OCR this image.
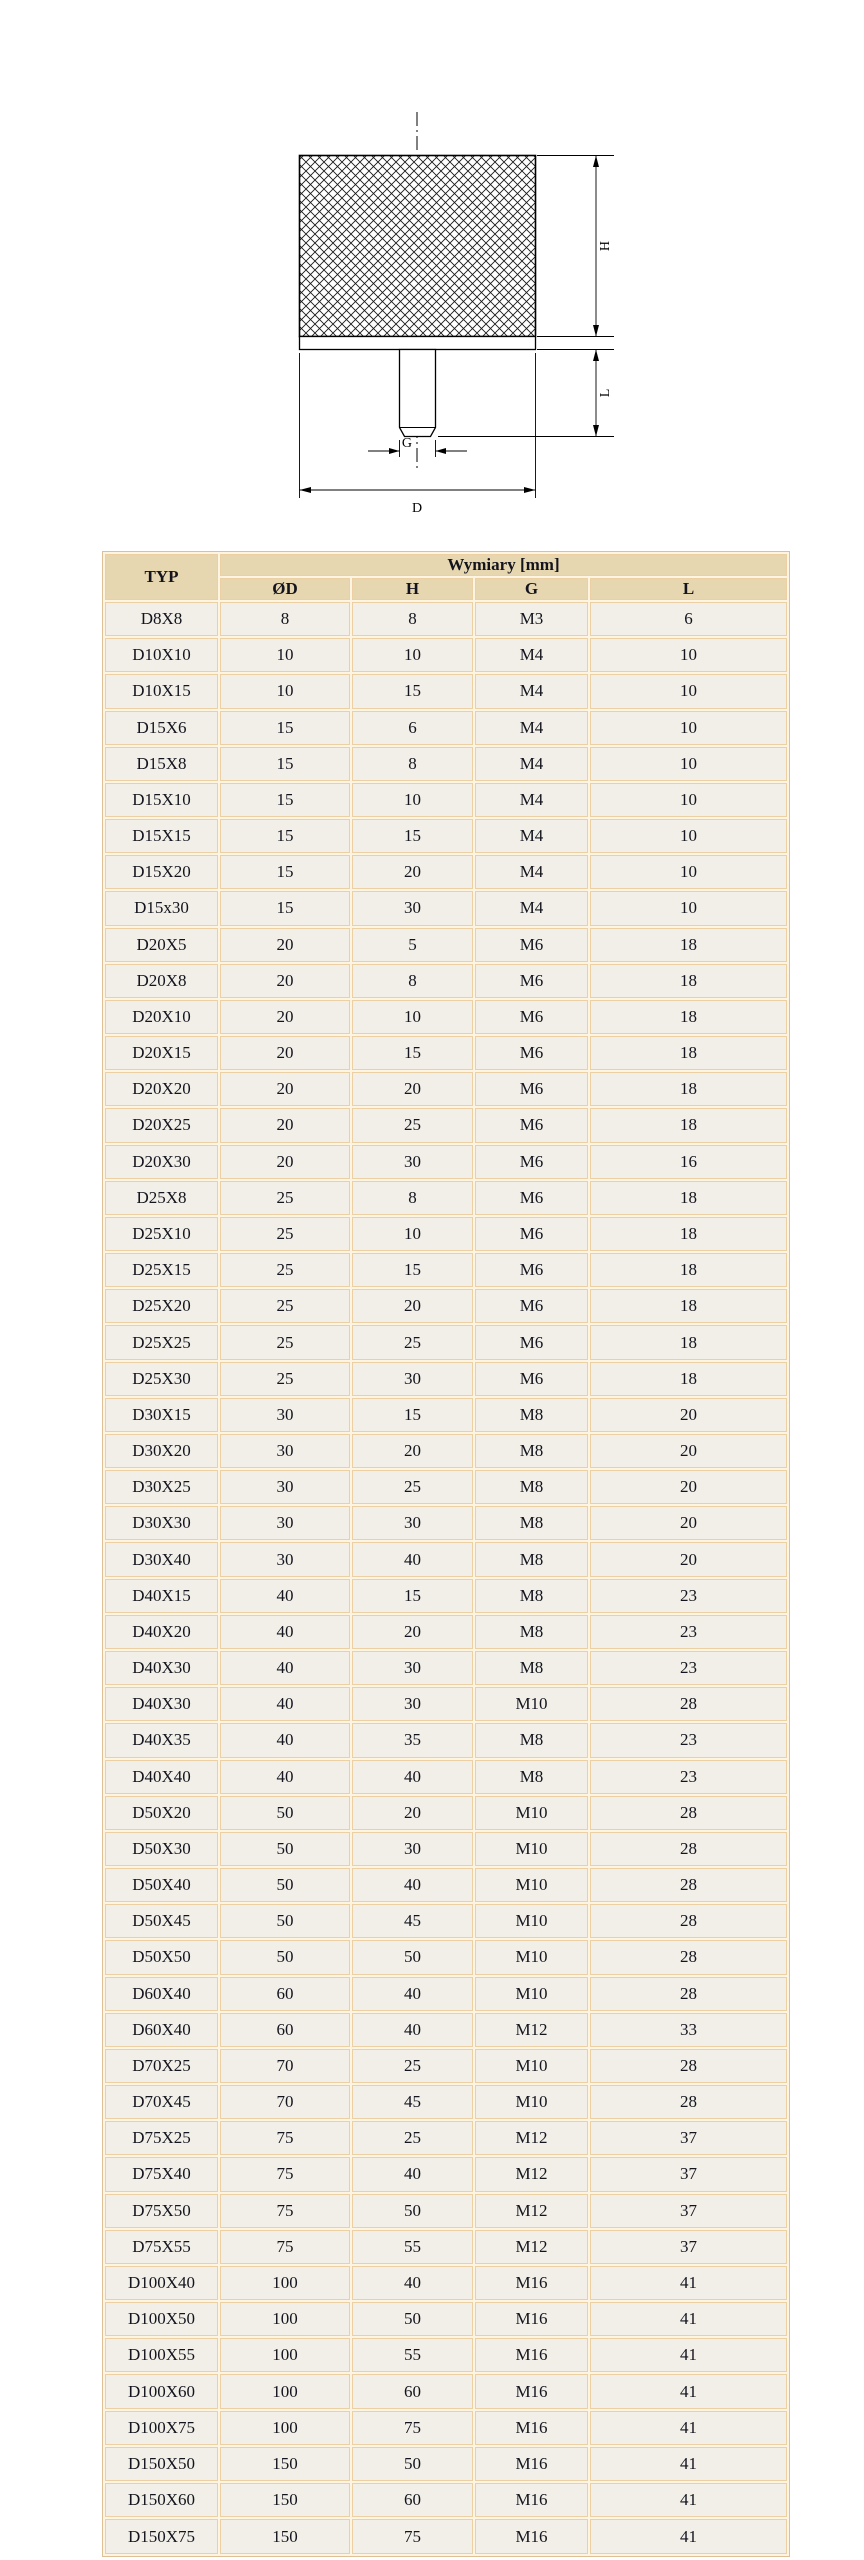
H
L
G
D
TYP	Wymiary [mm]			
	ØD	H	G	L
D8X8	8	8	M3	6
D10X10	10	10	M4	10
D10X15	10	15	M4	10
D15X6	15	6	M4	10
D15X8	15	8	M4	10
D15X10	15	10	M4	10
D15X15	15	15	M4	10
D15X20	15	20	M4	10
D15x30	15	30	M4	10
D20X5	20	5	M6	18
D20X8	20	8	M6	18
D20X10	20	10	M6	18
D20X15	20	15	M6	18
D20X20	20	20	M6	18
D20X25	20	25	M6	18
D20X30	20	30	M6	16
D25X8	25	8	M6	18
D25X10	25	10	M6	18
D25X15	25	15	M6	18
D25X20	25	20	M6	18
D25X25	25	25	M6	18
D25X30	25	30	M6	18
D30X15	30	15	M8	20
D30X20	30	20	M8	20
D30X25	30	25	M8	20
D30X30	30	30	M8	20
D30X40	30	40	M8	20
D40X15	40	15	M8	23
D40X20	40	20	M8	23
D40X30	40	30	M8	23
D40X30	40	30	M10	28
D40X35	40	35	M8	23
D40X40	40	40	M8	23
D50X20	50	20	M10	28
D50X30	50	30	M10	28
D50X40	50	40	M10	28
D50X45	50	45	M10	28
D50X50	50	50	M10	28
D60X40	60	40	M10	28
D60X40	60	40	M12	33
D70X25	70	25	M10	28
D70X45	70	45	M10	28
D75X25	75	25	M12	37
D75X40	75	40	M12	37
D75X50	75	50	M12	37
D75X55	75	55	M12	37
D100X40	100	40	M16	41
D100X50	100	50	M16	41
D100X55	100	55	M16	41
D100X60	100	60	M16	41
D100X75	100	75	M16	41
D150X50	150	50	M16	41
D150X60	150	60	M16	41
D150X75	150	75	M16	41
